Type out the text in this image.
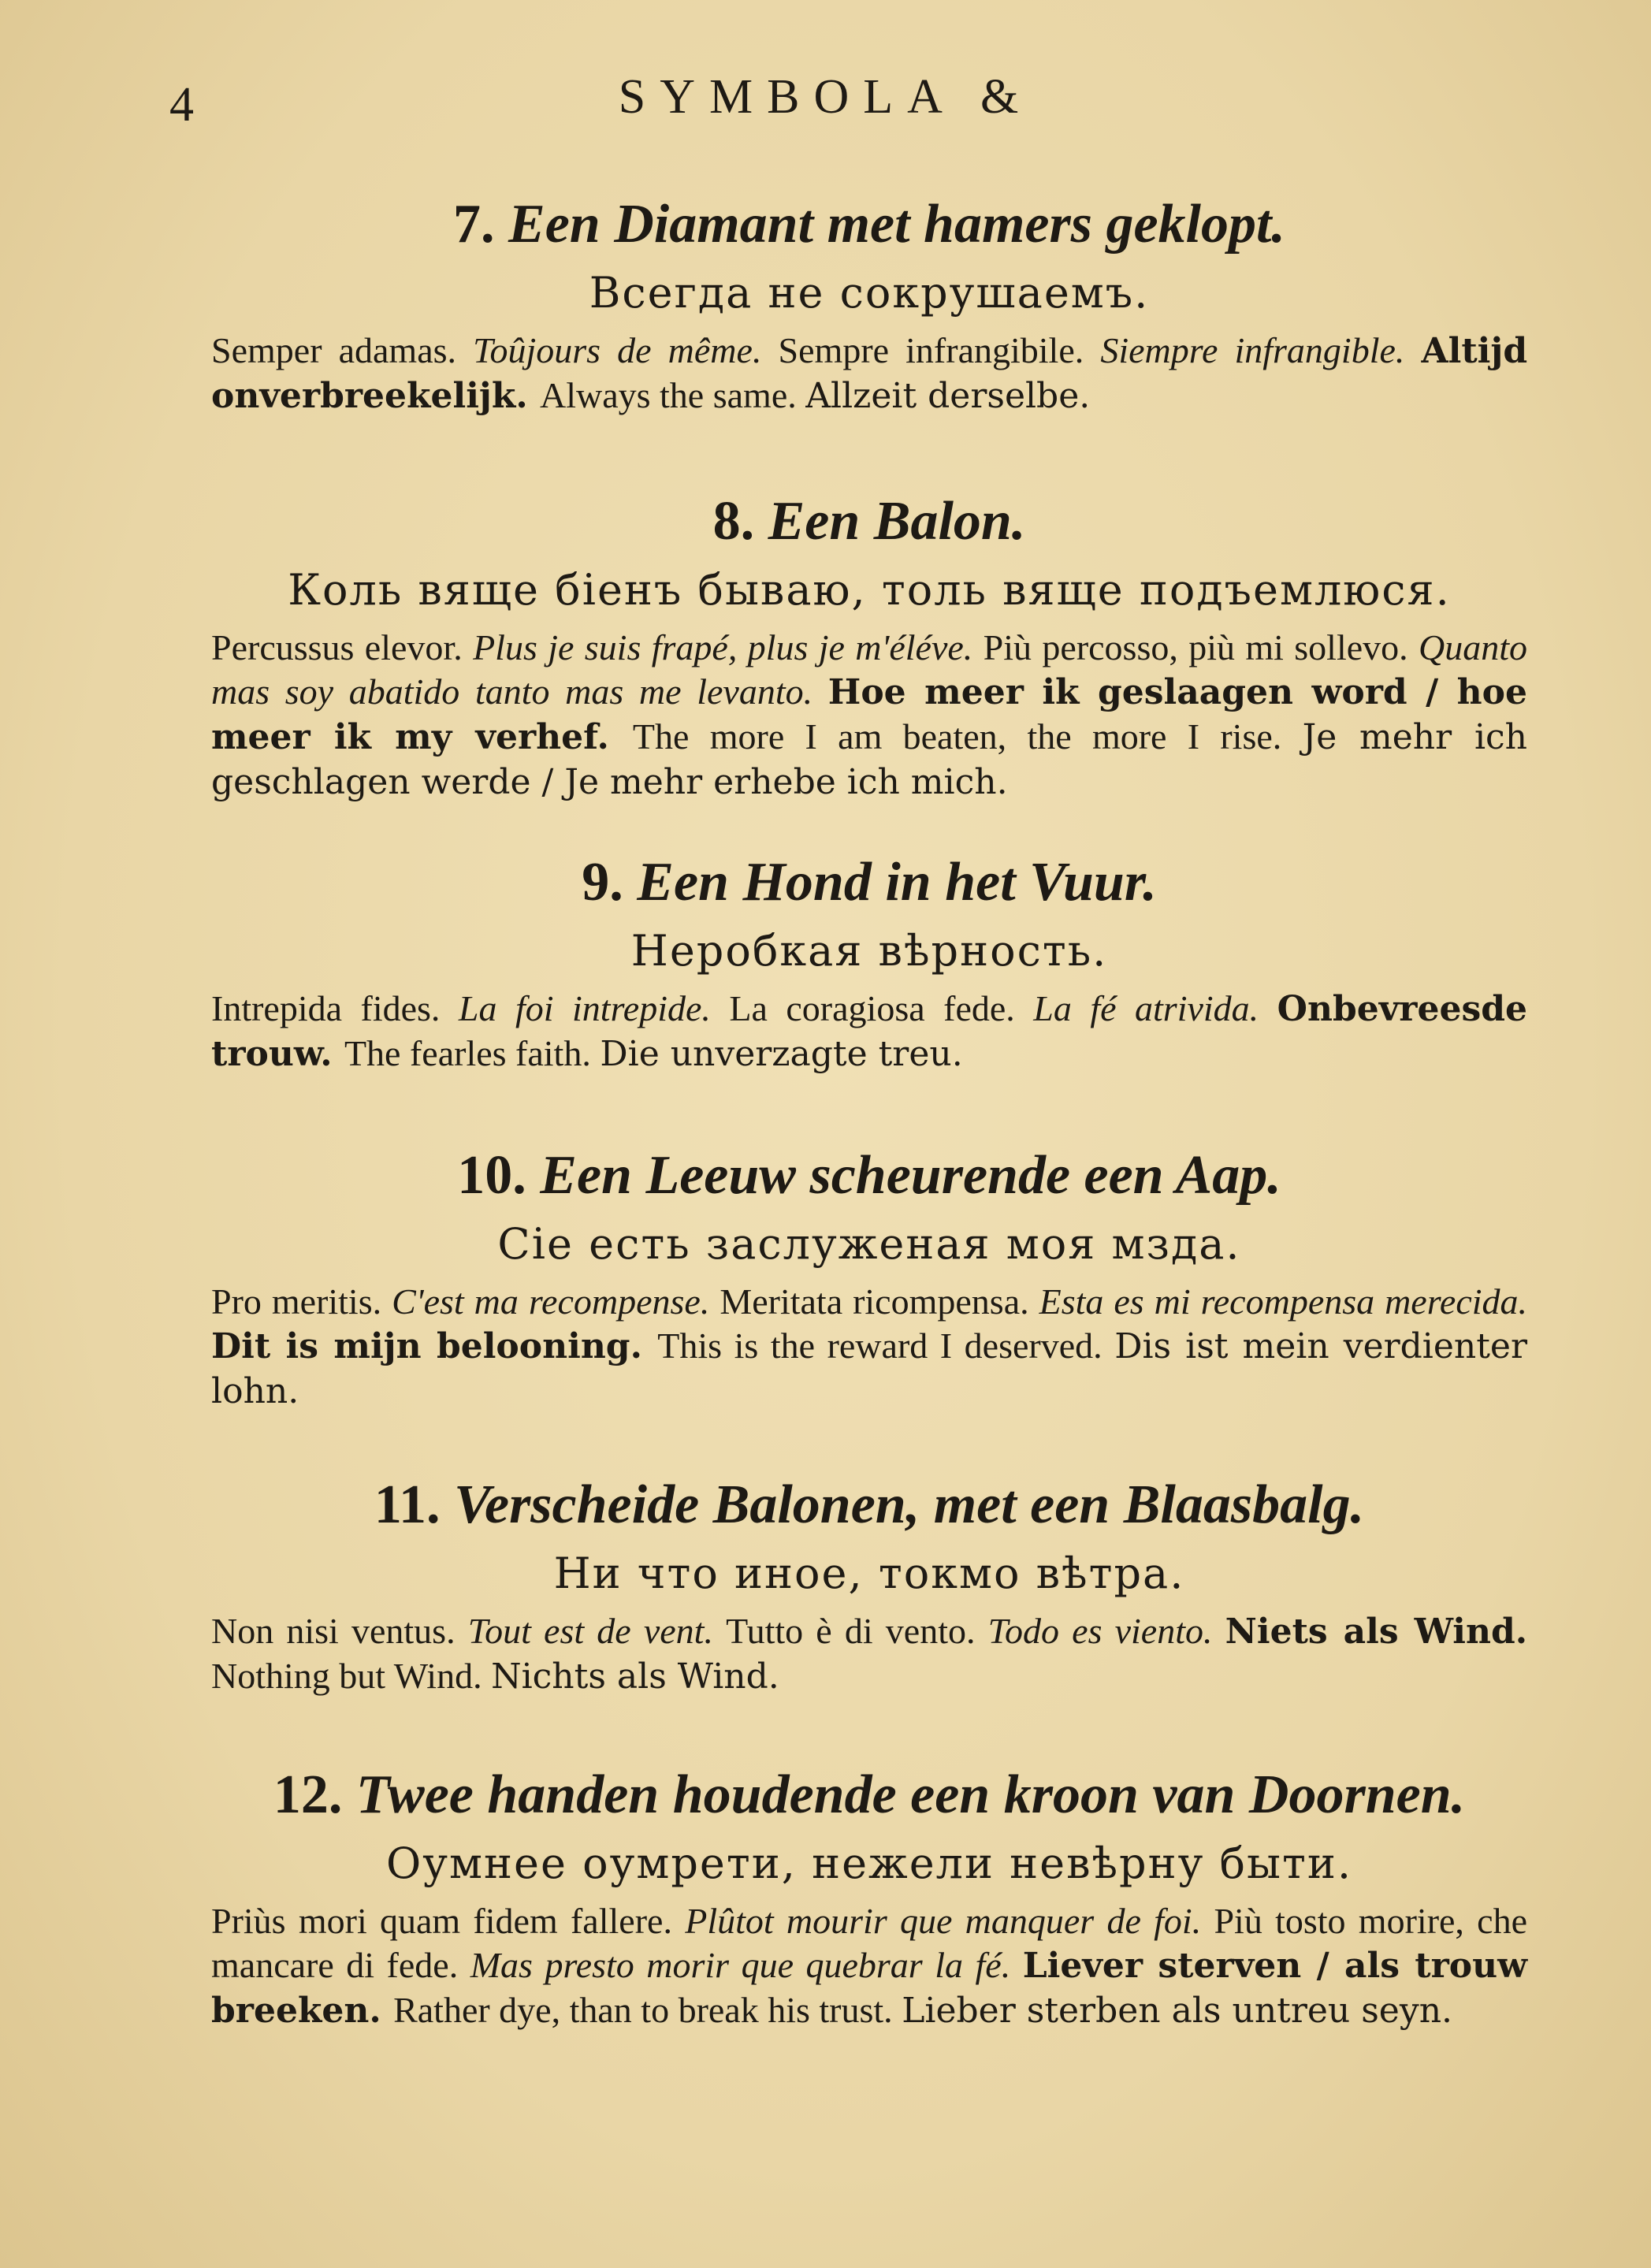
4	SYMBOLA &
7. Een Diamant met hamers geklopt.
Всегда не сокрушаемъ.

Semper adamas. Toûjours de même. Sempre infrangibile. Siempre infrangible. Altijd onverbreekelijk. Always the same. Allzeit derselbe.

8. Een Balon.
Коль вяще біенъ бываю, толь вяще подъемлюся.

Percussus elevor. Plus je suis frapé, plus je m'éléve. Più percosso, più mi sollevo. Quanto mas soy abatido tanto mas me levanto. Hoe meer ik geslaagen word / hoe meer ik my verhef. The more I am beaten, the more I rise. Je mehr ich geschlagen werde / Je mehr erhebe ich mich.

9. Een Hond in het Vuur.
Неробкая вѣрность.

Intrepida fides. La foi intrepide. La coragiosa fede. La fé atrivida. Onbevreesde trouw. The fearles faith. Die unverzagte treu.

10. Een Leeuw scheurende een Aap.
Сіе есть заслуженая моя мзда.

Pro meritis. C'est ma recompense. Meritata ricompensa. Esta es mi recompensa merecida.Dit is mijn belooning. This is the reward I deserved. Dis ist mein verdienter lohn.

11. Verscheide Balonen, met een Blaasbalg.
Ни что иное, токмо вѣтра.

Non nisi ventus. Tout est de vent. Tutto è di vento. Todo es viento. Niets als Wind.Nothing but Wind. Nichts als Wind.

12. Twee handen houdende een kroon van Doornen.
Оумнее оумрети, нежели невѣрну быти.

Priùs mori quam fidem fallere. Plûtot mourir que manquer de foi. Più tosto morire, che mancare di fede. Mas presto morir que quebrar la fé. Liever sterven / als trouw breeken. Rather dye, than to break his trust. Lieber sterben als untreu seyn.
